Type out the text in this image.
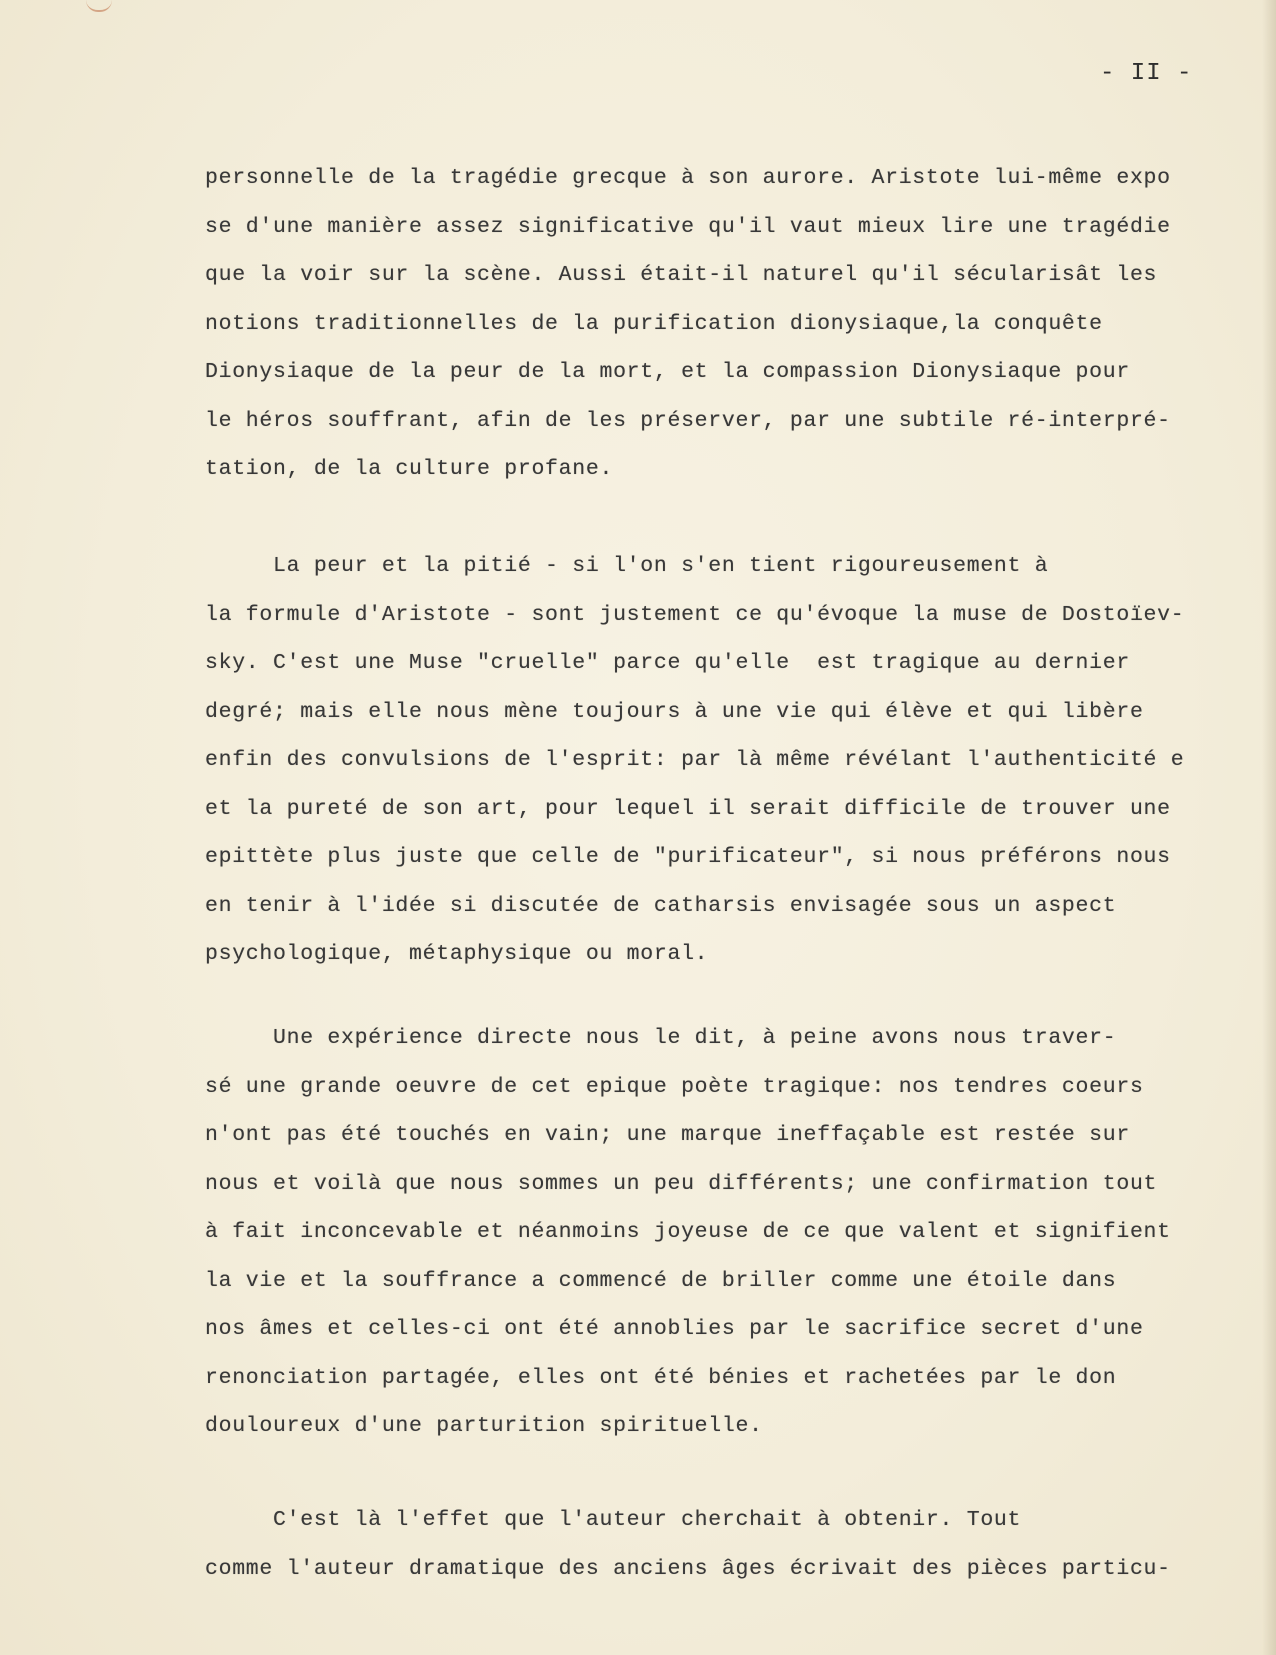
- II -
personnelle de la tragédie grecque à son aurore. Aristote lui-même expo
se d'une manière assez significative qu'il vaut mieux lire une tragédie
que la voir sur la scène. Aussi était-il naturel qu'il sécularisât les
notions traditionnelles de la purification dionysiaque,la conquête
Dionysiaque de la peur de la mort, et la compassion Dionysiaque pour
le héros souffrant, afin de les préserver, par une subtile ré-interpré-
tation, de la culture profane.
La peur et la pitié - si l'on s'en tient rigoureusement à
la formule d'Aristote - sont justement ce qu'évoque la muse de Dostoïev-
sky. C'est une Muse "cruelle" parce qu'elle  est tragique au dernier
degré; mais elle nous mène toujours à une vie qui élève et qui libère
enfin des convulsions de l'esprit: par là même révélant l'authenticité e
et la pureté de son art, pour lequel il serait difficile de trouver une
epittète plus juste que celle de "purificateur", si nous préférons nous
en tenir à l'idée si discutée de catharsis envisagée sous un aspect
psychologique, métaphysique ou moral.
Une expérience directe nous le dit, à peine avons nous traver-
sé une grande oeuvre de cet epique poète tragique: nos tendres coeurs
n'ont pas été touchés en vain; une marque ineffaçable est restée sur
nous et voilà que nous sommes un peu différents; une confirmation tout
à fait inconcevable et néanmoins joyeuse de ce que valent et signifient
la vie et la souffrance a commencé de briller comme une étoile dans
nos âmes et celles-ci ont été annoblies par le sacrifice secret d'une
renonciation partagée, elles ont été bénies et rachetées par le don
douloureux d'une parturition spirituelle.
C'est là l'effet que l'auteur cherchait à obtenir. Tout
comme l'auteur dramatique des anciens âges écrivait des pièces particu-
